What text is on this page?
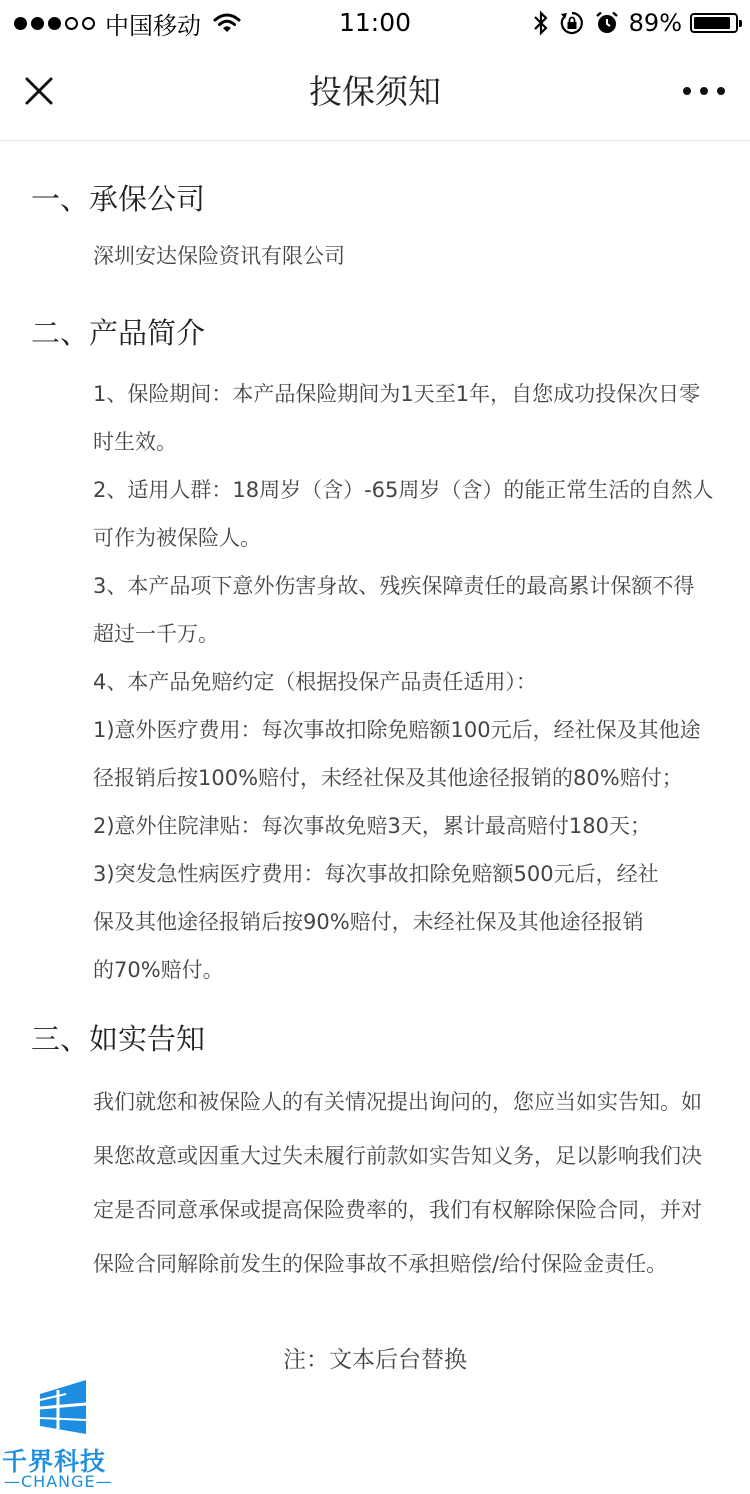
中国移动	11:00	89%
投保须知
一、承保公司
深圳安达保险资讯有限公司
二、产品简介
1、保险期间：本产品保险期间为1天至1年，自您成功投保次日零
时生效。
2、适用人群：18周岁（含）-65周岁（含）的能正常生活的自然人
可作为被保险人。
3、本产品项下意外伤害身故、残疾保障责任的最高累计保额不得
超过一千万。
4、本产品免赔约定（根据投保产品责任适用）：
1)意外医疗费用：每次事故扣除免赔额100元后，经社保及其他途
径报销后按100%赔付，未经社保及其他途径报销的80%赔付；
2)意外住院津贴：每次事故免赔3天，累计最高赔付180天；
3)突发急性病医疗费用：每次事故扣除免赔额500元后，经社
保及其他途径报销后按90%赔付，未经社保及其他途径报销
的70%赔付。
三、如实告知
我们就您和被保险人的有关情况提出询问的，您应当如实告知。如
果您故意或因重大过失未履行前款如实告知义务，足以影响我们决
定是否同意承保或提高保险费率的，我们有权解除保险合同，并对
保险合同解除前发生的保险事故不承担赔偿/给付保险金责任。
注：文本后台替换
千界科技
—CHANGE—
